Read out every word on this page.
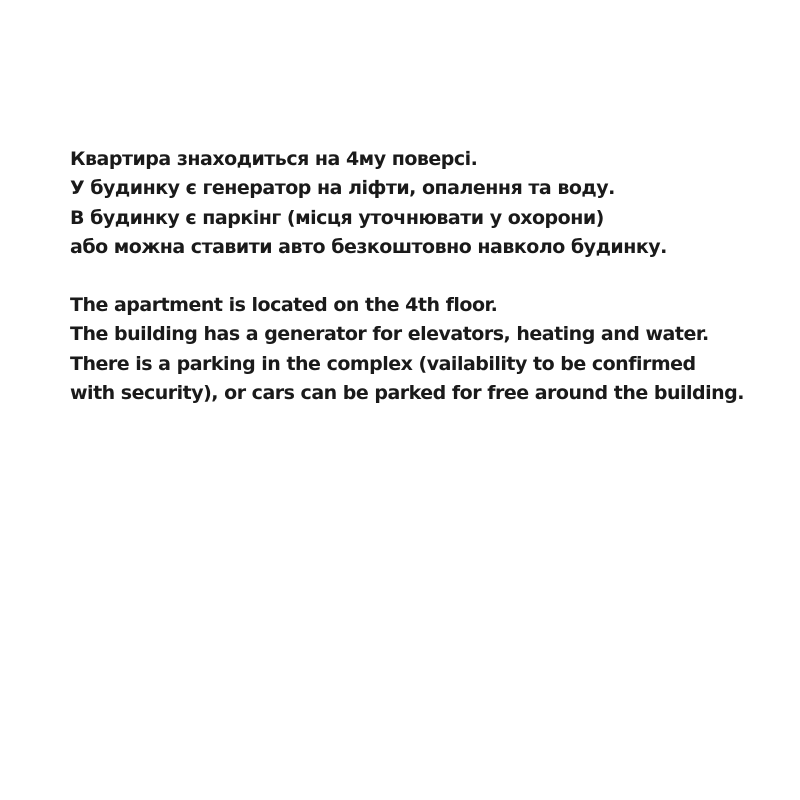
Квартира знаходиться на 4му поверсі.
У будинку є генератор на ліфти, опалення та воду.
В будинку є паркінг (місця уточнювати у охорони)
або можна ставити авто безкоштовно навколо будинку.
The apartment is located on the 4th floor.
The building has a generator for elevators, heating and water.
There is a parking in the complex (vailability to be confirmed
with security), or cars can be parked for free around the building.
